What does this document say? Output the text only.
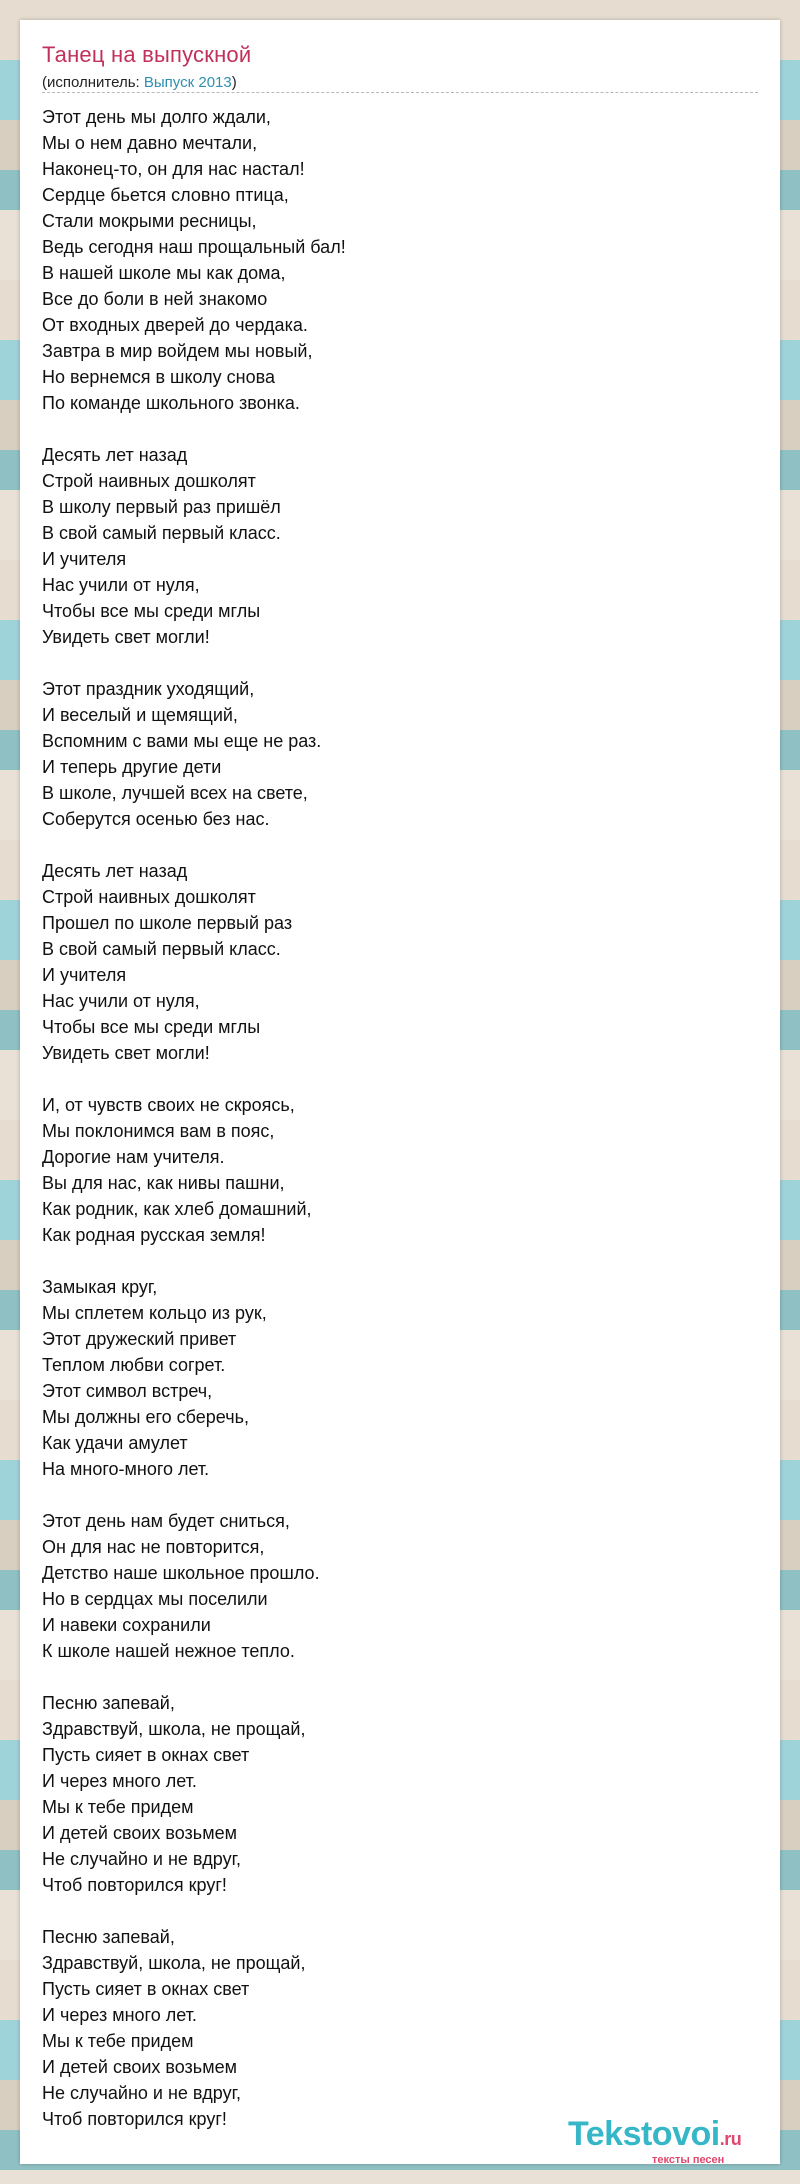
Танец на выпускной
(исполнитель: Выпуск 2013)
Этот день мы долго ждали,
Мы о нем давно мечтали,
Наконец-то, он для нас настал!
Сердце бьется словно птица,
Стали мокрыми ресницы,
Ведь сегодня наш прощальный бал!
В нашей школе мы как дома,
Все до боли в ней знакомо
От входных дверей до чердака.
Завтра в мир войдем мы новый,
Но вернемся в школу снова
По команде школьного звонка.
Десять лет назад
Строй наивных дошколят
В школу первый раз пришёл
В свой самый первый класс.
И учителя
Нас учили от нуля,
Чтобы все мы среди мглы
Увидеть свет могли!
Этот праздник уходящий,
И веселый и щемящий,
Вспомним с вами мы еще не раз.
И теперь другие дети
В школе, лучшей всех на свете,
Соберутся осенью без нас.
Десять лет назад
Строй наивных дошколят
Прошел по школе первый раз
В свой самый первый класс.
И учителя
Нас учили от нуля,
Чтобы все мы среди мглы
Увидеть свет могли!
И, от чувств своих не скроясь,
Мы поклонимся вам в пояс,
Дорогие нам учителя.
Вы для нас, как нивы пашни,
Как родник, как хлеб домашний,
Как родная русская земля!
Замыкая круг,
Мы сплетем кольцо из рук,
Этот дружеский привет
Теплом любви согрет.
Этот символ встреч,
Мы должны его сберечь,
Как удачи амулет
На много-много лет.
Этот день нам будет сниться,
Он для нас не повторится,
Детство наше школьное прошло.
Но в сердцах мы поселили
И навеки сохранили
К школе нашей нежное тепло.
Песню запевай,
Здравствуй, школа, не прощай,
Пусть сияет в окнах свет
И через много лет.
Мы к тебе придем
И детей своих возьмем
Не случайно и не вдруг,
Чтоб повторился круг!
Песню запевай,
Здравствуй, школа, не прощай,
Пусть сияет в окнах свет
И через много лет.
Мы к тебе придем
И детей своих возьмем
Не случайно и не вдруг,
Чтоб повторился круг!	Tekstovoi.ru
тексты песен
